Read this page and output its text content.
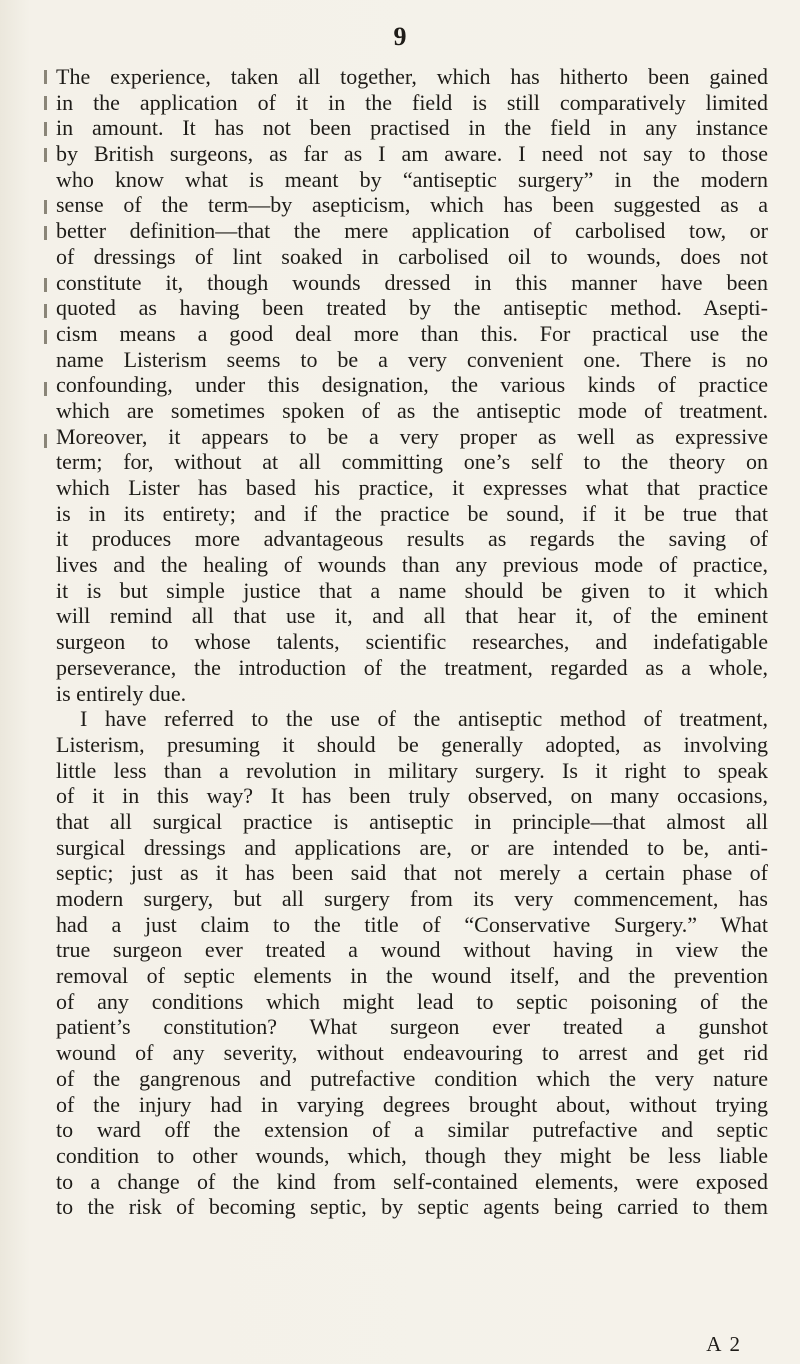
9
The experience, taken all together, which has hitherto been gained
in the application of it in the field is still comparatively limited
in amount. It has not been practised in the field in any instance
by British surgeons, as far as I am aware. I need not say to those
who know what is meant by “antiseptic surgery” in the modern
sense of the term—by asepticism, which has been suggested as a
better definition—that the mere application of carbolised tow, or
of dressings of lint soaked in carbolised oil to wounds, does not
constitute it, though wounds dressed in this manner have been
quoted as having been treated by the antiseptic method. Asepti-
cism means a good deal more than this. For practical use the
name Listerism seems to be a very convenient one. There is no
confounding, under this designation, the various kinds of practice
which are sometimes spoken of as the antiseptic mode of treatment.
Moreover, it appears to be a very proper as well as expressive
term; for, without at all committing one’s self to the theory on
which Lister has based his practice, it expresses what that practice
is in its entirety; and if the practice be sound, if it be true that
it produces more advantageous results as regards the saving of
lives and the healing of wounds than any previous mode of practice,
it is but simple justice that a name should be given to it which
will remind all that use it, and all that hear it, of the eminent
surgeon to whose talents, scientific researches, and indefatigable
perseverance, the introduction of the treatment, regarded as a whole,
is entirely due.
I have referred to the use of the antiseptic method of treatment,
Listerism, presuming it should be generally adopted, as involving
little less than a revolution in military surgery. Is it right to speak
of it in this way? It has been truly observed, on many occasions,
that all surgical practice is antiseptic in principle—that almost all
surgical dressings and applications are, or are intended to be, anti-
septic; just as it has been said that not merely a certain phase of
modern surgery, but all surgery from its very commencement, has
had a just claim to the title of “Conservative Surgery.” What
true surgeon ever treated a wound without having in view the
removal of septic elements in the wound itself, and the prevention
of any conditions which might lead to septic poisoning of the
patient’s constitution? What surgeon ever treated a gunshot
wound of any severity, without endeavouring to arrest and get rid
of the gangrenous and putrefactive condition which the very nature
of the injury had in varying degrees brought about, without trying
to ward off the extension of a similar putrefactive and septic
condition to other wounds, which, though they might be less liable
to a change of the kind from self-contained elements, were exposed
to the risk of becoming septic, by septic agents being carried to them
A 2
